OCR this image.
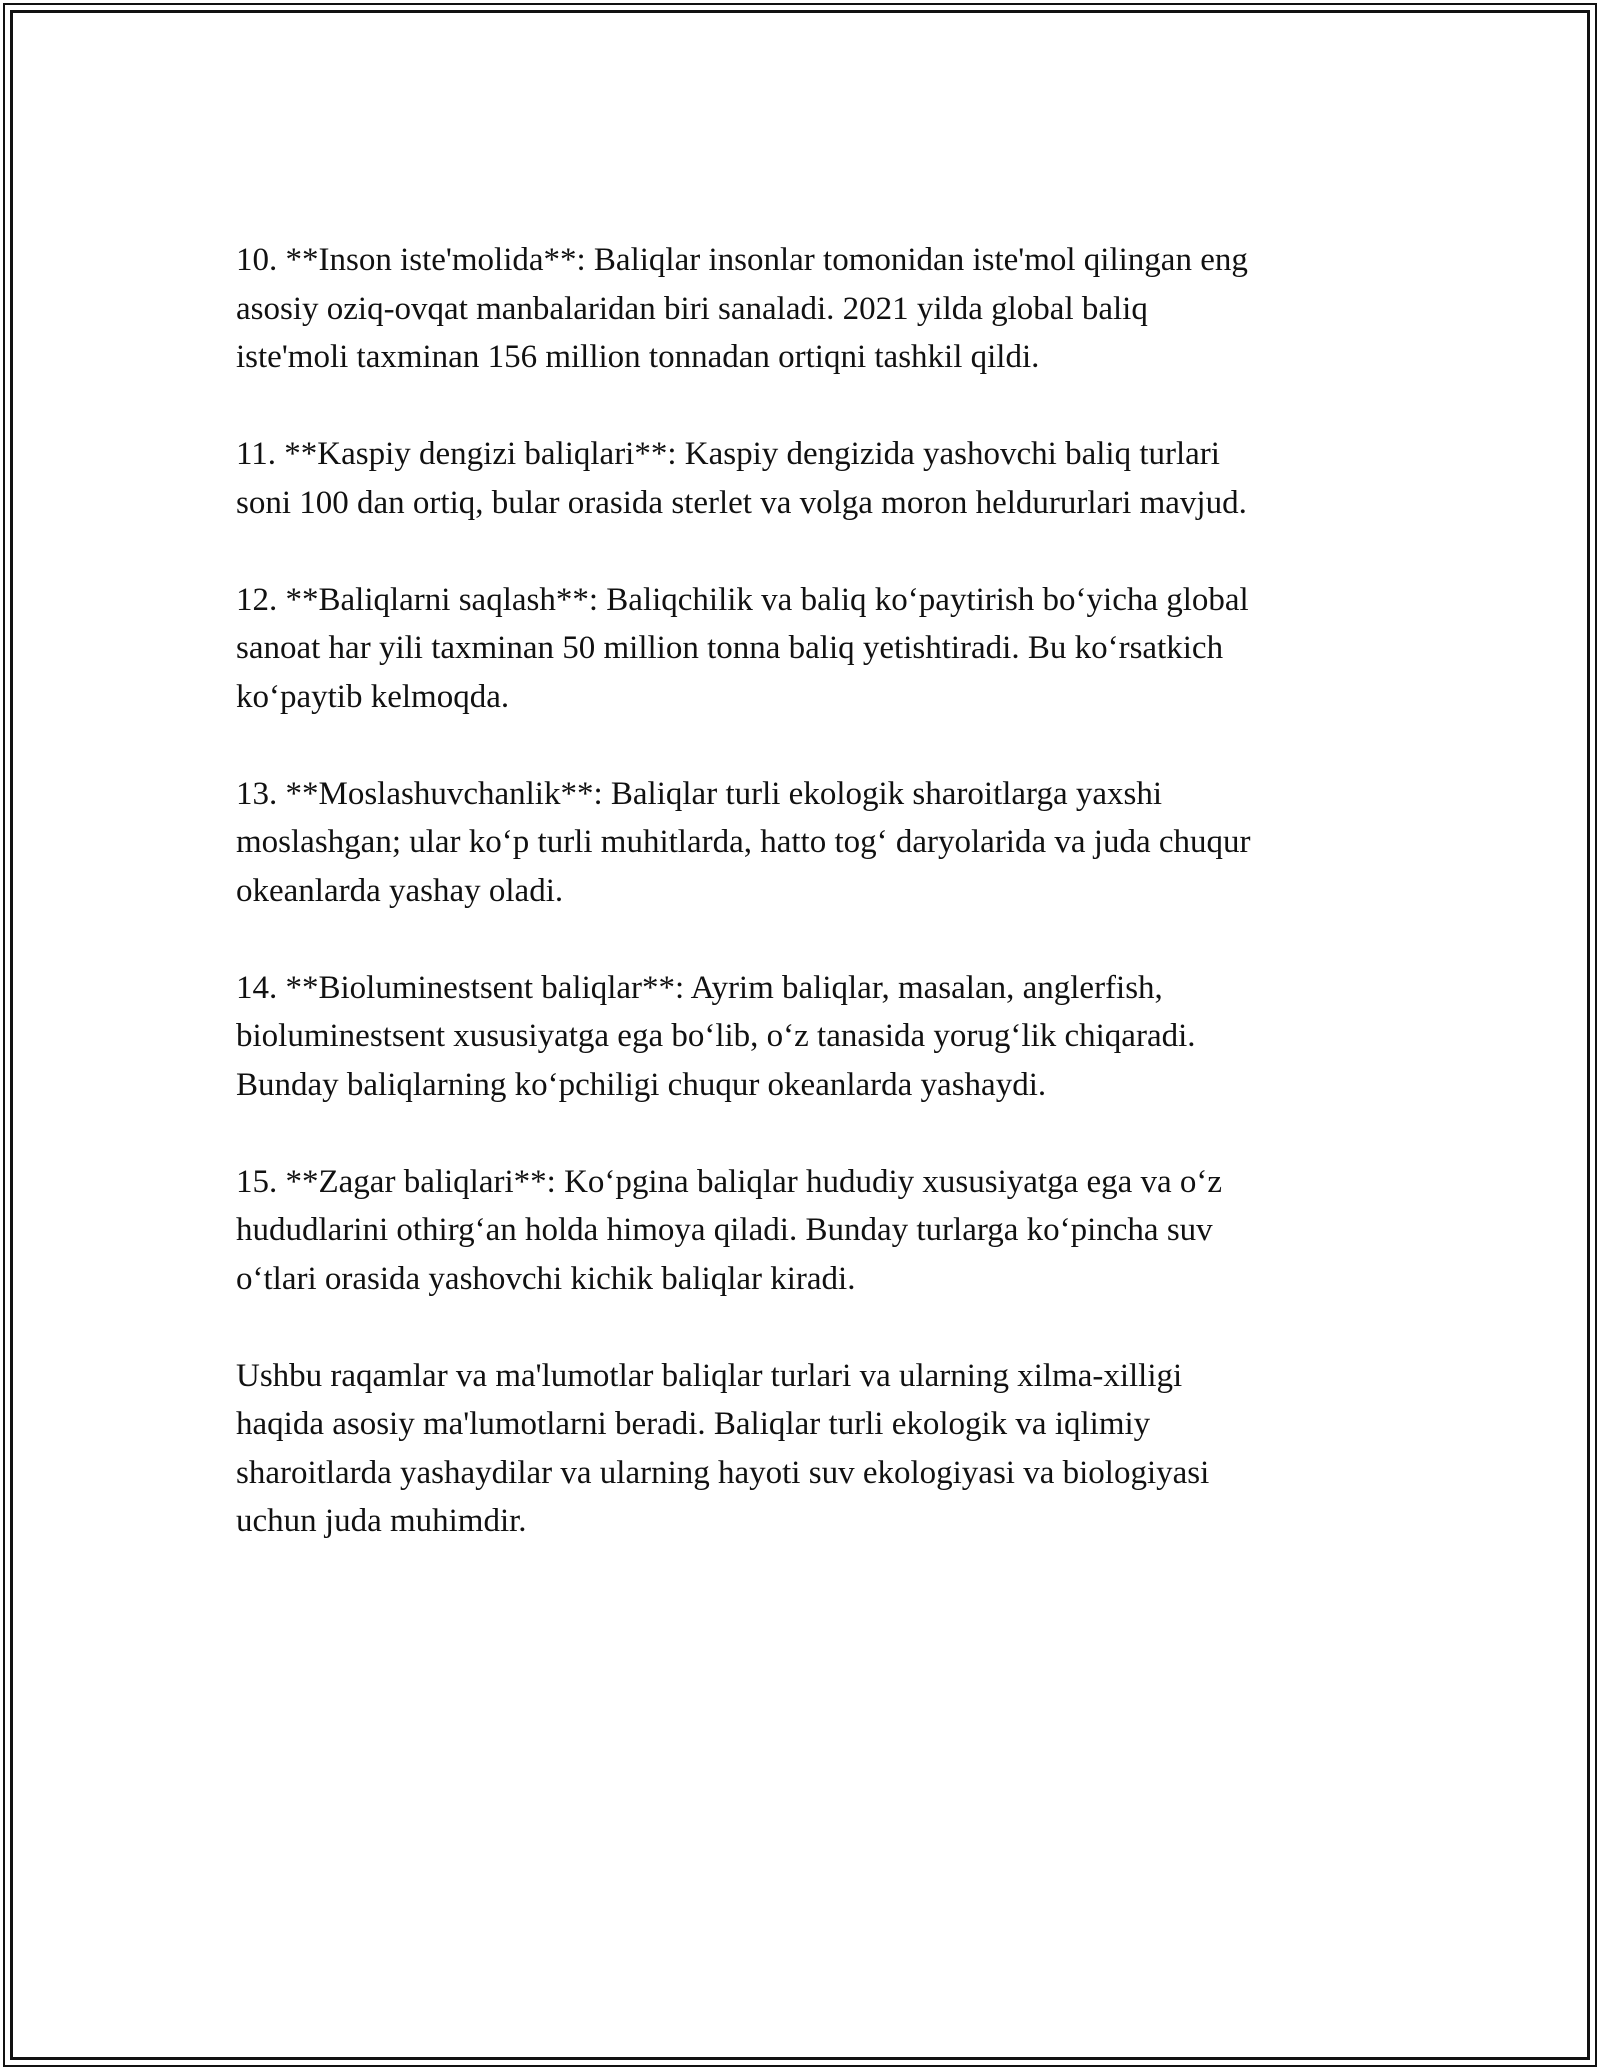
10. **Inson iste'molida**: Baliqlar insonlar tomonidan iste'mol qilingan eng
asosiy oziq-ovqat manbalaridan biri sanaladi. 2021 yilda global baliq
iste'moli taxminan 156 million tonnadan ortiqni tashkil qildi.

11. **Kaspiy dengizi baliqlari**: Kaspiy dengizida yashovchi baliq turlari
soni 100 dan ortiq, bular orasida sterlet va volga moron heldururlari mavjud.

12. **Baliqlarni saqlash**: Baliqchilik va baliq ko‘paytirish bo‘yicha global
sanoat har yili taxminan 50 million tonna baliq yetishtiradi. Bu ko‘rsatkich
ko‘paytib kelmoqda.

13. **Moslashuvchanlik**: Baliqlar turli ekologik sharoitlarga yaxshi
moslashgan; ular ko‘p turli muhitlarda, hatto tog‘ daryolarida va juda chuqur
okeanlarda yashay oladi.

14. **Bioluminestsent baliqlar**: Ayrim baliqlar, masalan, anglerfish,
bioluminestsent xususiyatga ega bo‘lib, o‘z tanasida yorug‘lik chiqaradi.
Bunday baliqlarning ko‘pchiligi chuqur okeanlarda yashaydi.

15. **Zagar baliqlari**: Ko‘pgina baliqlar hududiy xususiyatga ega va o‘z
hududlarini othirg‘an holda himoya qiladi. Bunday turlarga ko‘pincha suv
o‘tlari orasida yashovchi kichik baliqlar kiradi.

Ushbu raqamlar va ma'lumotlar baliqlar turlari va ularning xilma-xilligi
haqida asosiy ma'lumotlarni beradi. Baliqlar turli ekologik va iqlimiy
sharoitlarda yashaydilar va ularning hayoti suv ekologiyasi va biologiyasi
uchun juda muhimdir.
